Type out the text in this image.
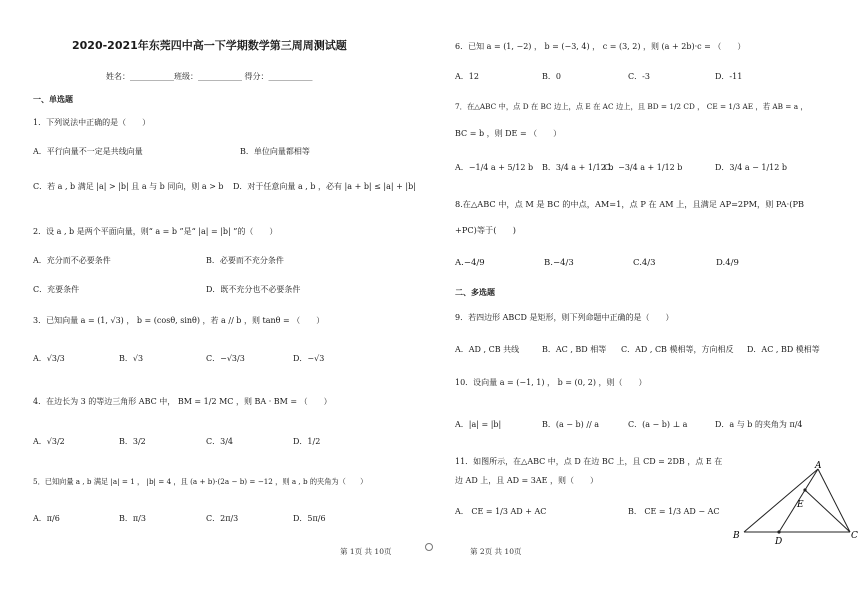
2020-2021年东莞四中高一下学期数学第三周周测试题
姓名：___________班级：___________ 得分：___________
一、单选题
1．下列说法中正确的是（　　）
A．平行向量不一定是共线向量	B．单位向量都相等
C．若 a , b 满足 |a| > |b| 且 a 与 b 同向，则 a > b D．对于任意向量 a , b ，必有 |a + b| ≤ |a| + |b|
2．设 a , b 是两个平面向量，则“ a = b ”是“ |a| = |b| ”的（　　）
A．充分而不必要条件	B．必要而不充分条件
C．充要条件	D．既不充分也不必要条件
3．已知向量 a = (1, √3) ， b = (cosθ, sinθ) ，若 a // b ，则 tanθ = （　　）
A．√3/3	B．√3	C．−√3/3	D．−√3
4．在边长为 3 的等边三角形 ABC 中， BM = 1/2 MC ，则 BA · BM = （　　）
A．√3/2	B．3/2	C．3/4	D．1/2
5．已知向量 a , b 满足 |a| = 1 ， |b| = 4 ，且 (a + b)·(2a − b) = −12 ，则 a , b 的夹角为（　　）
A．π/6	B．π/3	C．2π/3	D．5π/6
第 1页 共 10页
6．已知 a = (1, −2) ， b = (−3, 4) ， c = (3, 2) ，则 (a + 2b)·c = （　　）
A．12	B．0	C．-3	D．-11
7．在△ABC 中，点 D 在 BC 边上，点 E 在 AC 边上，且 BD = 1/2 CD ， CE = 1/3 AE ，若 AB = a ，
BC = b ，则 DE = （　　）
A．−1/4 a + 5/12 b B．3/4 a + 1/12 b
C．−3/4 a + 1/12 b	D．3/4 a − 1/12 b
8.在△ABC 中，点 M 是 BC 的中点，AM=1，点 P 在 AM 上，且满足 AP=2PM，则 PA·(PB
+PC)等于(　　)
A.−4/9	B.−4/3	C.4/3	D.4/9
二、多选题
9．若四边形 ABCD 是矩形，则下列命题中正确的是（　　）
A．AD , CB 共线	B．AC , BD 相等 C．AD , CB 模相等，方向相反 D．AC , BD 模相等
10．设向量 a = (−1, 1) ， b = (0, 2) ，则（　　）
A．|a| = |b|	B．(a − b) // a	C．(a − b) ⊥ a	D．a 与 b 的夹角为 π/4
11．如图所示，在△ABC 中，点 D 在边 BC 上，且 CD = 2DB ，点 E 在
边 AD 上，且 AD = 3AE ，则（　　）
A． CE = 1/3 AD + AC	B． CE = 1/3 AD − AC
A
B	C
D
E
第 2页 共 10页
